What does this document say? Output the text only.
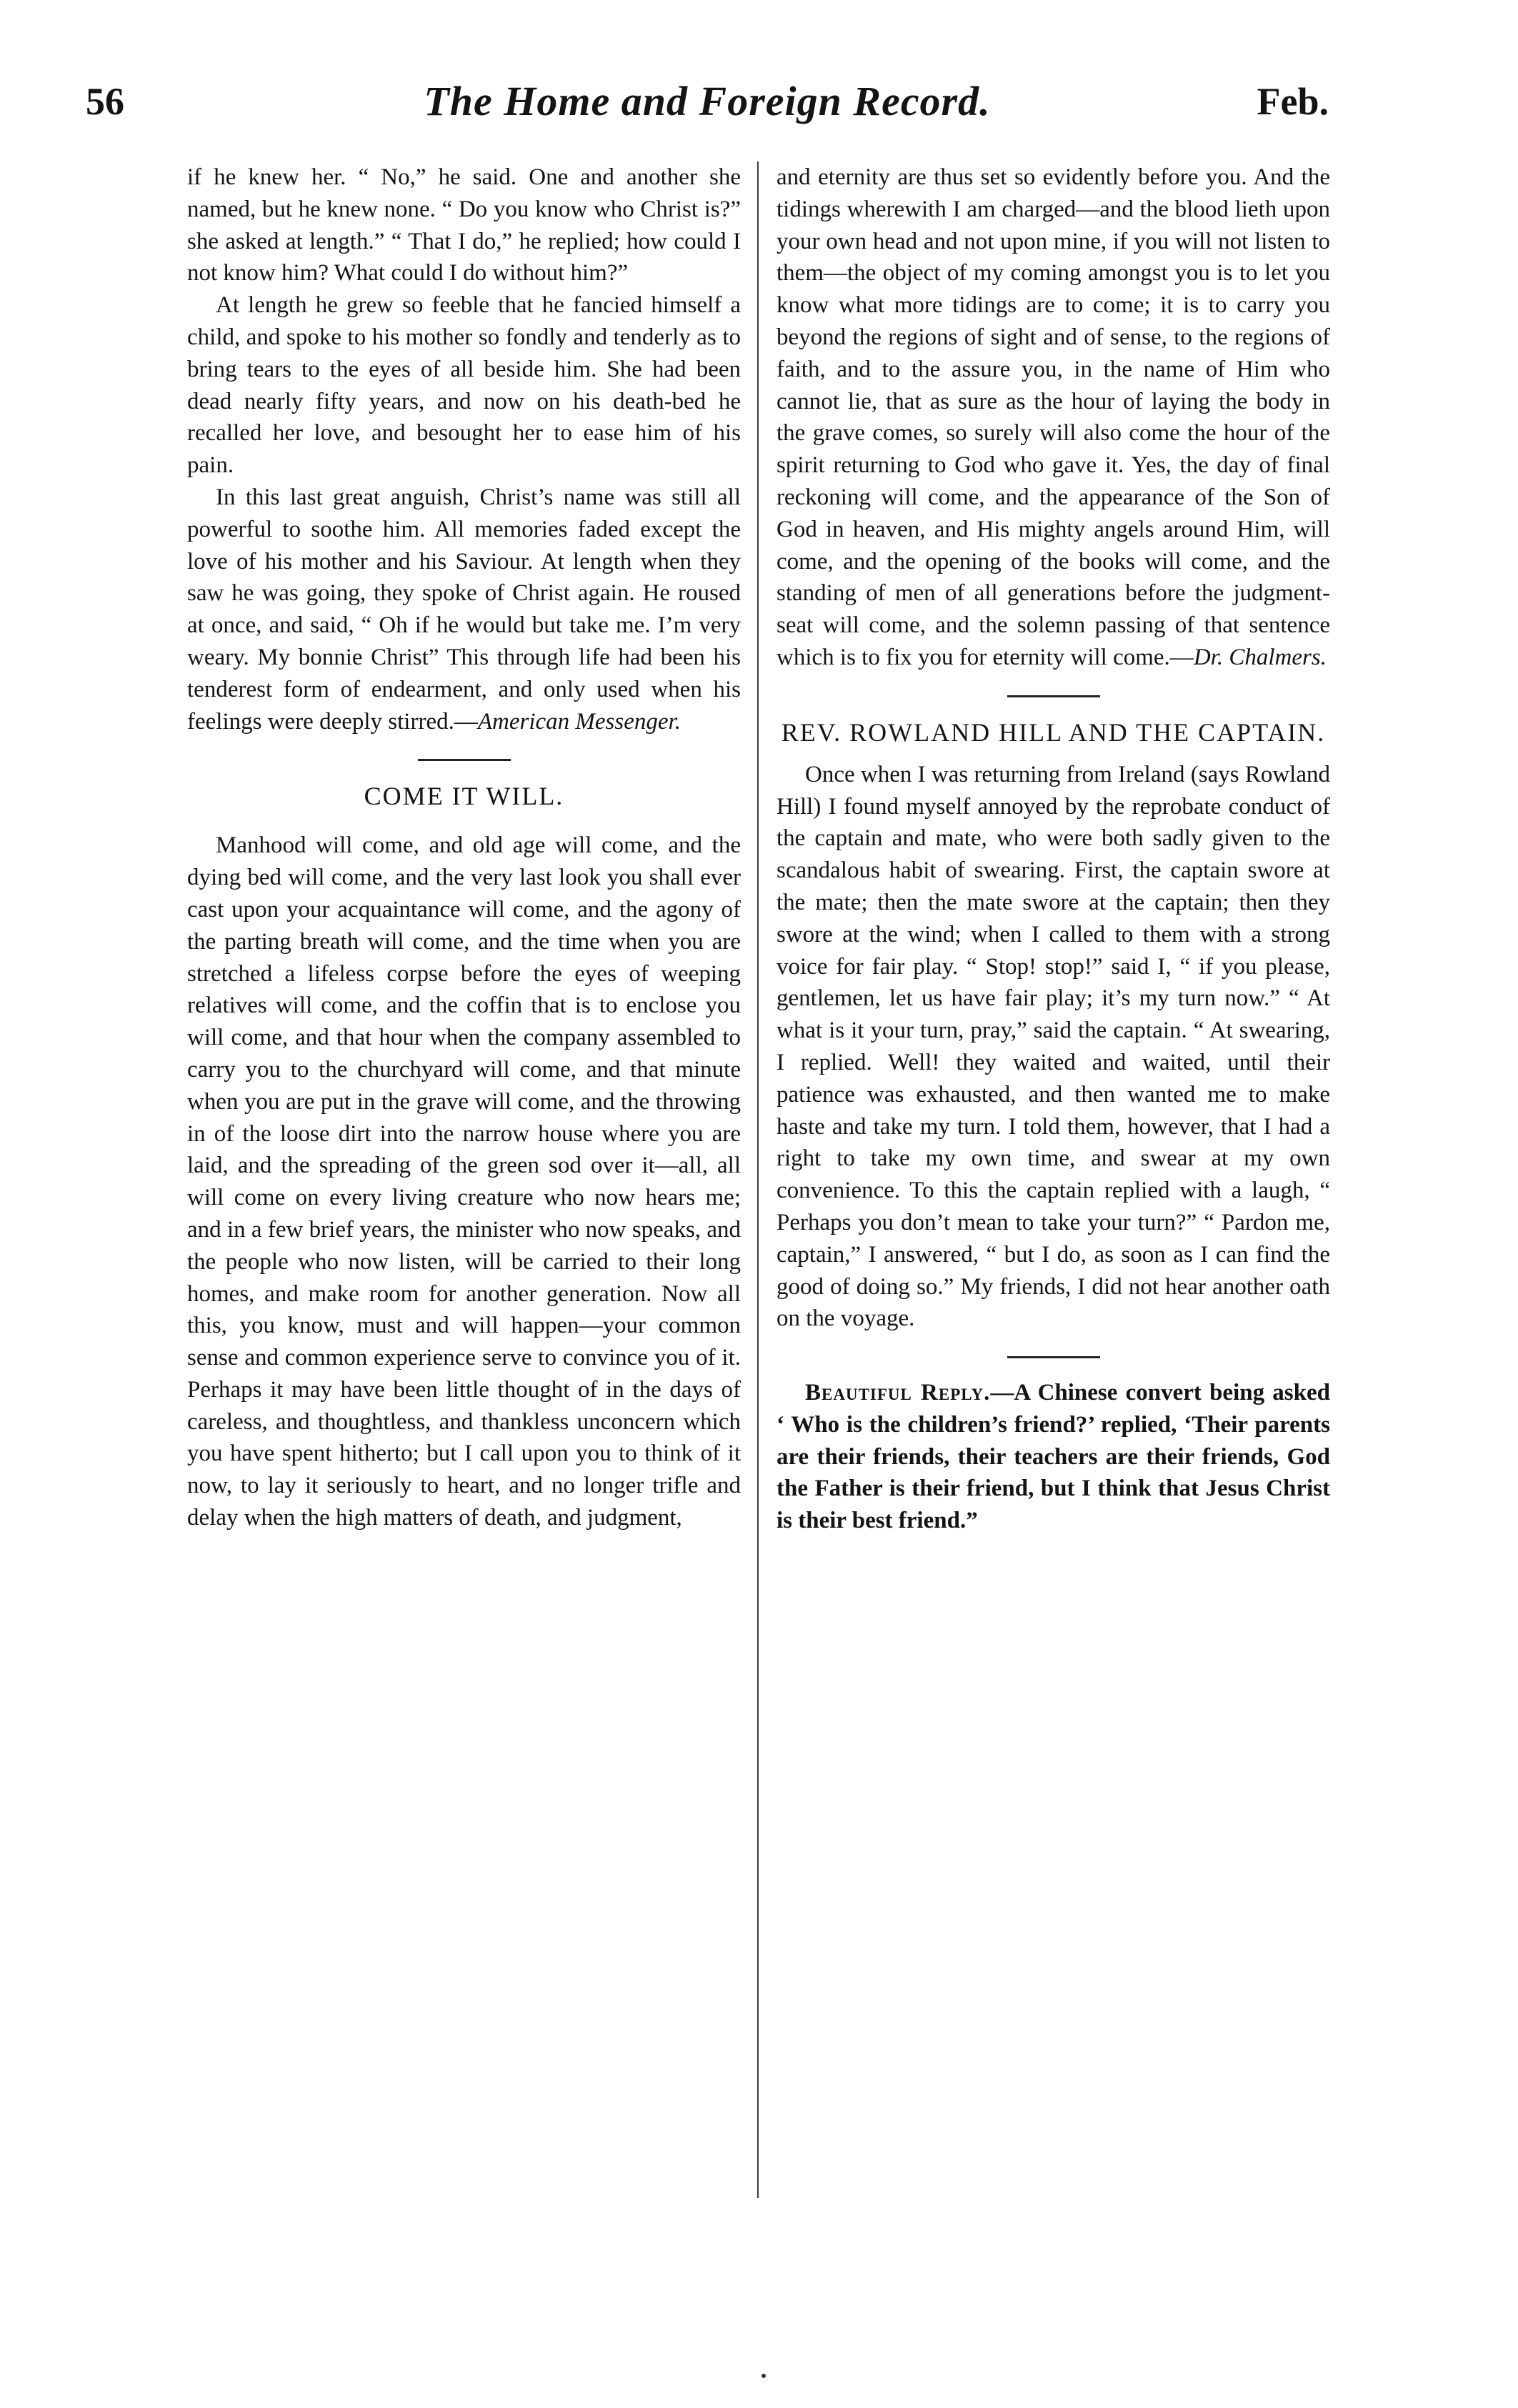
56	The Home and Foreign Record.	Feb.

if he knew her. “ No,” he said. One and another she named, but he knew none. “ Do you know who Christ is?” she asked at length.” “ That I do,” he replied; how could I not know him? What could I do without him?”

At length he grew so feeble that he fancied himself a child, and spoke to his mother so fondly and tenderly as to bring tears to the eyes of all beside him. She had been dead nearly fifty years, and now on his death-bed he recalled her love, and besought her to ease him of his pain.

In this last great anguish, Christ’s name was still all powerful to soothe him. All memories faded except the love of his mother and his Saviour. At length when they saw he was going, they spoke of Christ again. He roused at once, and said, “ Oh if he would but take me. I’m very weary. My bonnie Christ” This through life had been his tenderest form of endearment, and only used when his feelings were deeply stirred.—American Messenger.

COME IT WILL.

Manhood will come, and old age will come, and the dying bed will come, and the very last look you shall ever cast upon your acquaintance will come, and the agony of the parting breath will come, and the time when you are stretched a lifeless corpse before the eyes of weeping relatives will come, and the coffin that is to enclose you will come, and that hour when the company assembled to carry you to the churchyard will come, and that minute when you are put in the grave will come, and the throwing in of the loose dirt into the narrow house where you are laid, and the spreading of the green sod over it—all, all will come on every living creature who now hears me; and in a few brief years, the minister who now speaks, and the people who now listen, will be carried to their long homes, and make room for another generation. Now all this, you know, must and will happen—your common sense and common experience serve to convince you of it. Perhaps it may have been little thought of in the days of careless, and thoughtless, and thankless unconcern which you have spent hitherto; but I call upon you to think of it now, to lay it seriously to heart, and no longer trifle and delay when the high matters of death, and judgment,

and eternity are thus set so evidently before you. And the tidings wherewith I am charged—and the blood lieth upon your own head and not upon mine, if you will not listen to them—the object of my coming amongst you is to let you know what more tidings are to come; it is to carry you beyond the regions of sight and of sense, to the regions of faith, and to the assure you, in the name of Him who cannot lie, that as sure as the hour of laying the body in the grave comes, so surely will also come the hour of the spirit returning to God who gave it. Yes, the day of final reckoning will come, and the appearance of the Son of God in heaven, and His mighty angels around Him, will come, and the opening of the books will come, and the standing of men of all generations before the judgment-seat will come, and the solemn passing of that sentence which is to fix you for eternity will come.—Dr. Chalmers.

REV. ROWLAND HILL AND THE CAPTAIN.

Once when I was returning from Ireland (says Rowland Hill) I found myself annoyed by the reprobate conduct of the captain and mate, who were both sadly given to the scandalous habit of swearing. First, the captain swore at the mate; then the mate swore at the captain; then they swore at the wind; when I called to them with a strong voice for fair play. “ Stop! stop!” said I, “ if you please, gentlemen, let us have fair play; it’s my turn now.” “ At what is it your turn, pray,” said the captain. “ At swearing, I replied. Well! they waited and waited, until their patience was exhausted, and then wanted me to make haste and take my turn. I told them, however, that I had a right to take my own time, and swear at my own convenience. To this the captain replied with a laugh, “ Perhaps you don’t mean to take your turn?” “ Pardon me, captain,” I answered, “ but I do, as soon as I can find the good of doing so.” My friends, I did not hear another oath on the voyage.

Beautiful Reply.—A Chinese convert being asked ‘ Who is the children’s friend?’ replied, ‘Their parents are their friends, their teachers are their friends, God the Father is their friend, but I think that Jesus Christ is their best friend.”
